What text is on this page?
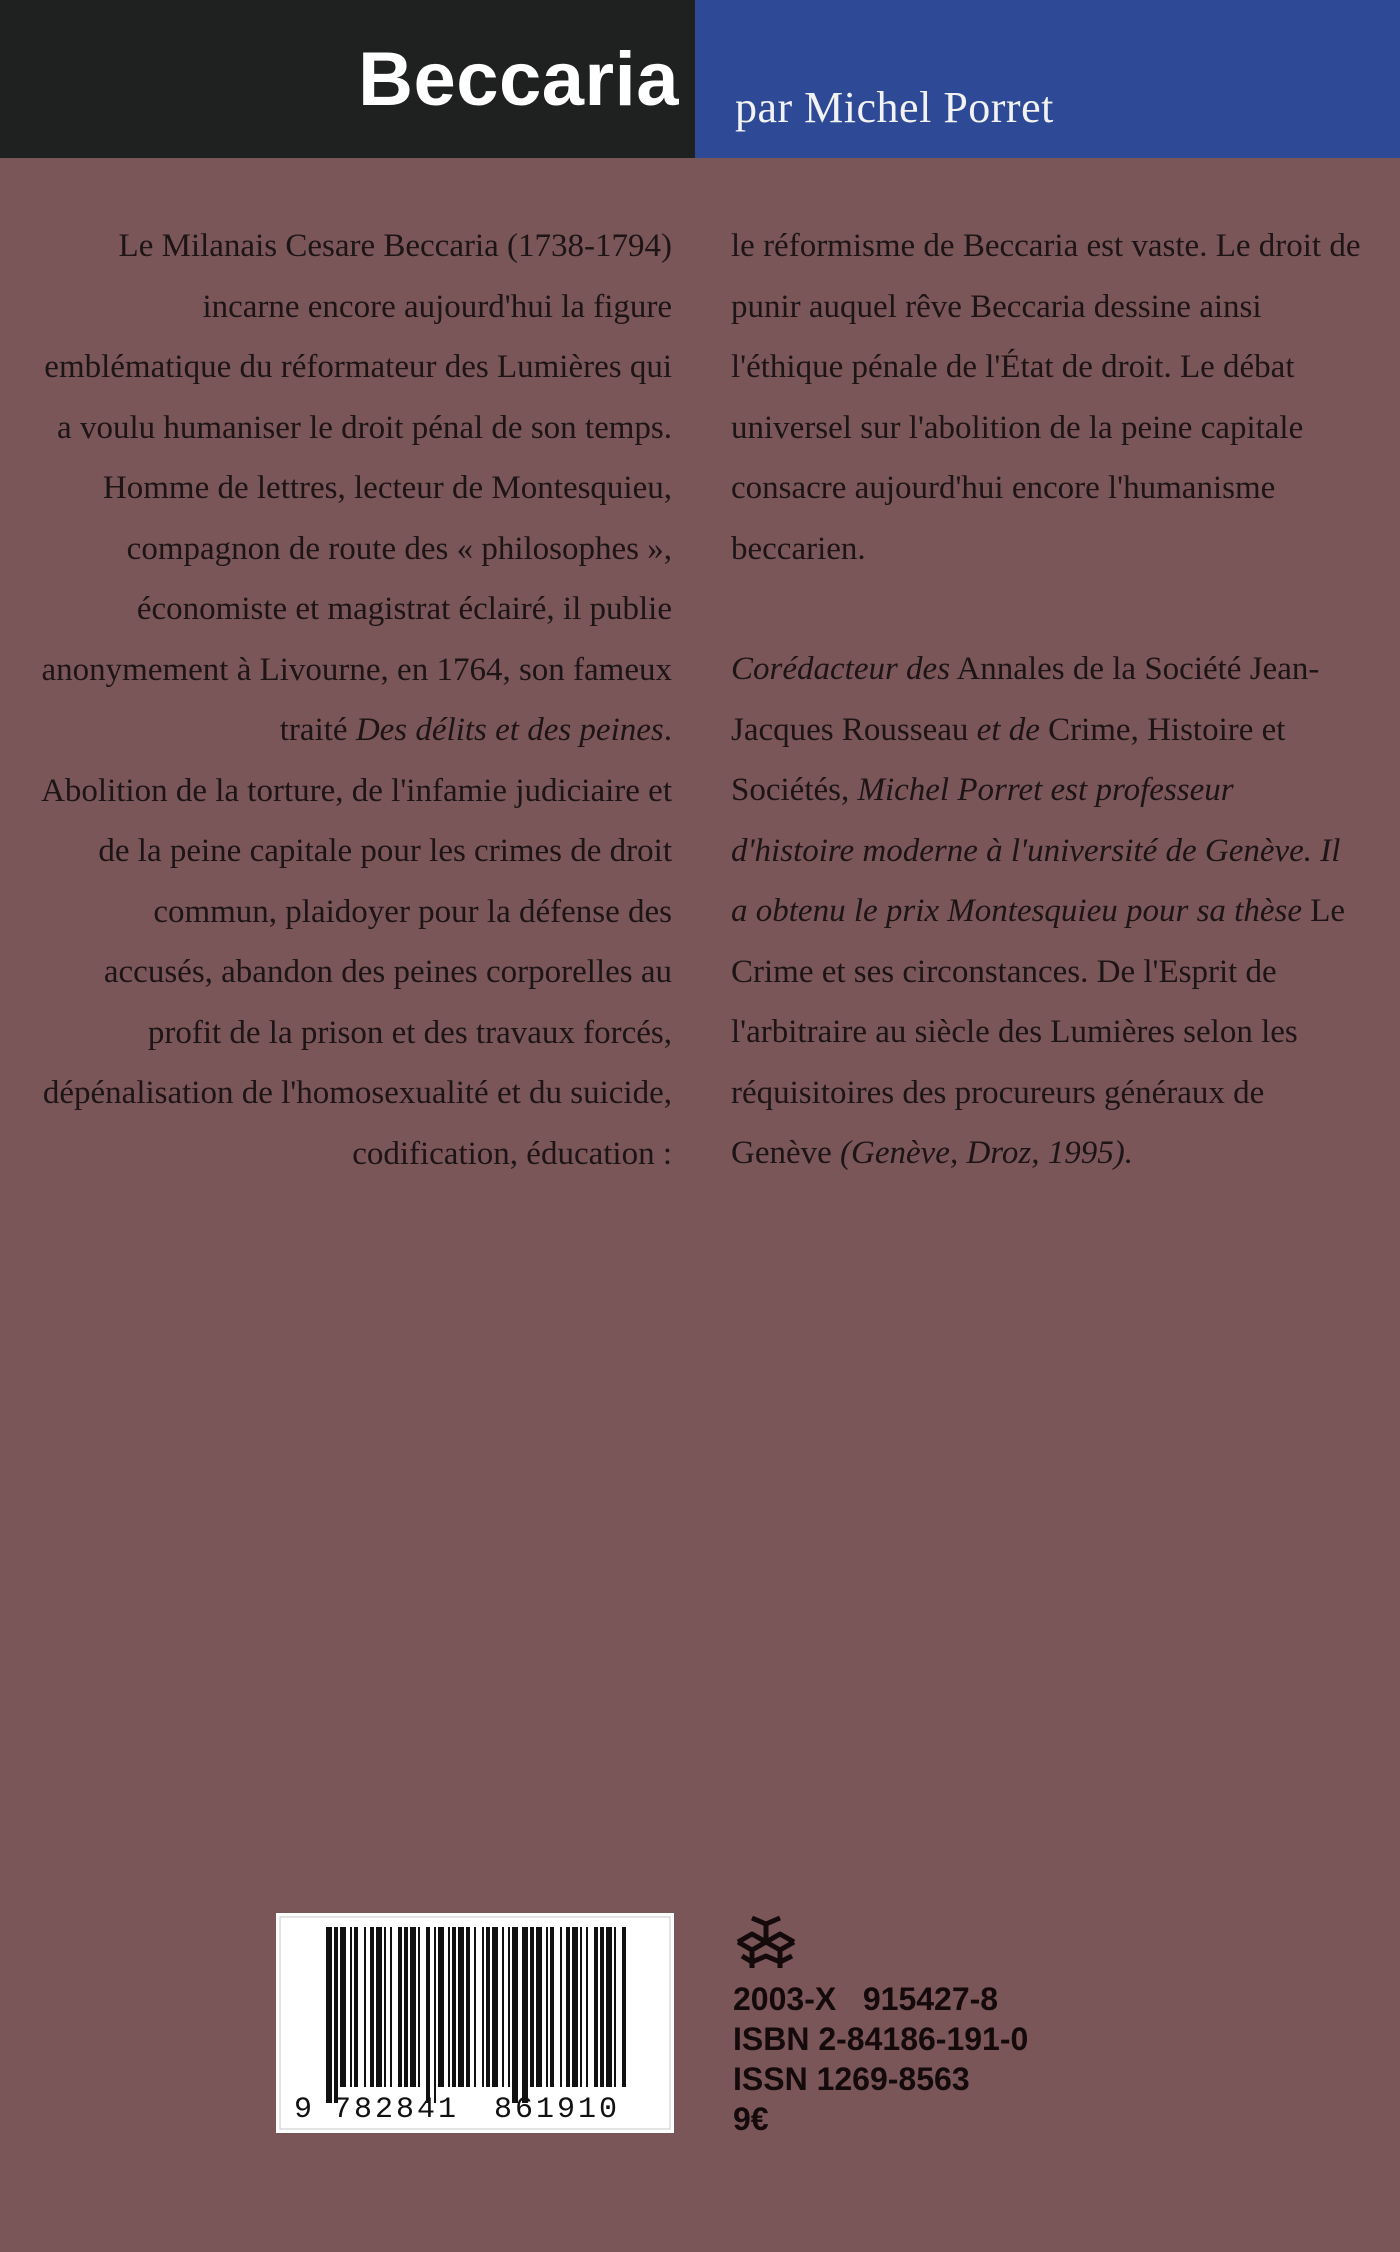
Beccaria par Michel Porret

Le Milanais Cesare Beccaria (1738-1794) incarne encore aujourd'hui la figure emblématique du réformateur des Lumières qui a voulu humaniser le droit pénal de son temps. Homme de lettres, lecteur de Montesquieu, compagnon de route des « philosophes », économiste et magistrat éclairé, il publie anonymement à Livourne, en 1764, son fameux traité Des délits et des peines.

Abolition de la torture, de l'infamie judiciaire et de la peine capitale pour les crimes de droit commun, plaidoyer pour la défense des accusés, abandon des peines corporelles au profit de la prison et des travaux forcés, dépénalisation de l'homosexualité et du suicide, codification, éducation :

le réformisme de Beccaria est vaste. Le droit de punir auquel rêve Beccaria dessine ainsi l'éthique pénale de l'État de droit. Le débat universel sur l'abolition de la peine capitale consacre aujourd'hui encore l'humanisme beccarien.

Corédacteur des Annales de la Société Jean-Jacques Rousseau et de Crime, Histoire et Sociétés, Michel Porret est professeur d'histoire moderne à l'université de Genève. Il a obtenu le prix Montesquieu pour sa thèse Le Crime et ses circonstances. De l'Esprit de l'arbitraire au siècle des Lumières selon les réquisitoires des procureurs généraux de Genève (Genève, Droz, 1995).

9 782841 861910
2003-X   915427-8
ISBN 2-84186-191-0
ISSN 1269-8563
9€
